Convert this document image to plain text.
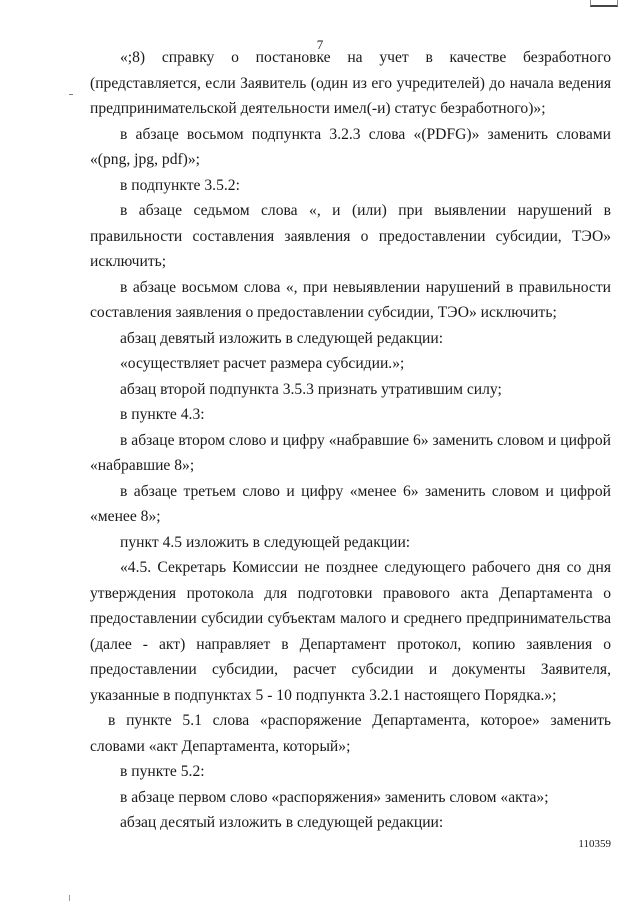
7

«;8) справку о постановке на учет в качестве безработного (представляется, если Заявитель (один из его учредителей) до начала ведения предпринимательской деятельности имел(-и) статус безработного)»;

в абзаце восьмом подпункта 3.2.3 слова «(PDFG)» заменить словами «(png, jpg, pdf)»;

в подпункте 3.5.2:

в абзаце седьмом слова «, и (или) при выявлении нарушений в правильности составления заявления о предоставлении субсидии, ТЭО» исключить;

в абзаце восьмом слова «, при невыявлении нарушений в правильности составления заявления о предоставлении субсидии, ТЭО» исключить;

абзац девятый изложить в следующей редакции:

«осуществляет расчет размера субсидии.»;

абзац второй подпункта 3.5.3 признать утратившим силу;

в пункте 4.3:

в абзаце втором слово и цифру «набравшие 6» заменить словом и цифрой «набравшие 8»;

в абзаце третьем слово и цифру «менее 6» заменить словом и цифрой «менее 8»;

пункт 4.5 изложить в следующей редакции:

«4.5. Секретарь Комиссии не позднее следующего рабочего дня со дня утверждения протокола для подготовки правового акта Департамента о предоставлении субсидии субъектам малого и среднего предпринимательства (далее - акт) направляет в Департамент протокол, копию заявления о предоставлении субсидии, расчет субсидии и документы Заявителя, указанные в подпунктах 5 - 10 подпункта 3.2.1 настоящего Порядка.»;

в пункте 5.1 слова «распоряжение Департамента, которое» заменить словами «акт Департамента, который»;

в пункте 5.2:

в абзаце первом слово «распоряжения» заменить словом «акта»;

абзац десятый изложить в следующей редакции:

110359
